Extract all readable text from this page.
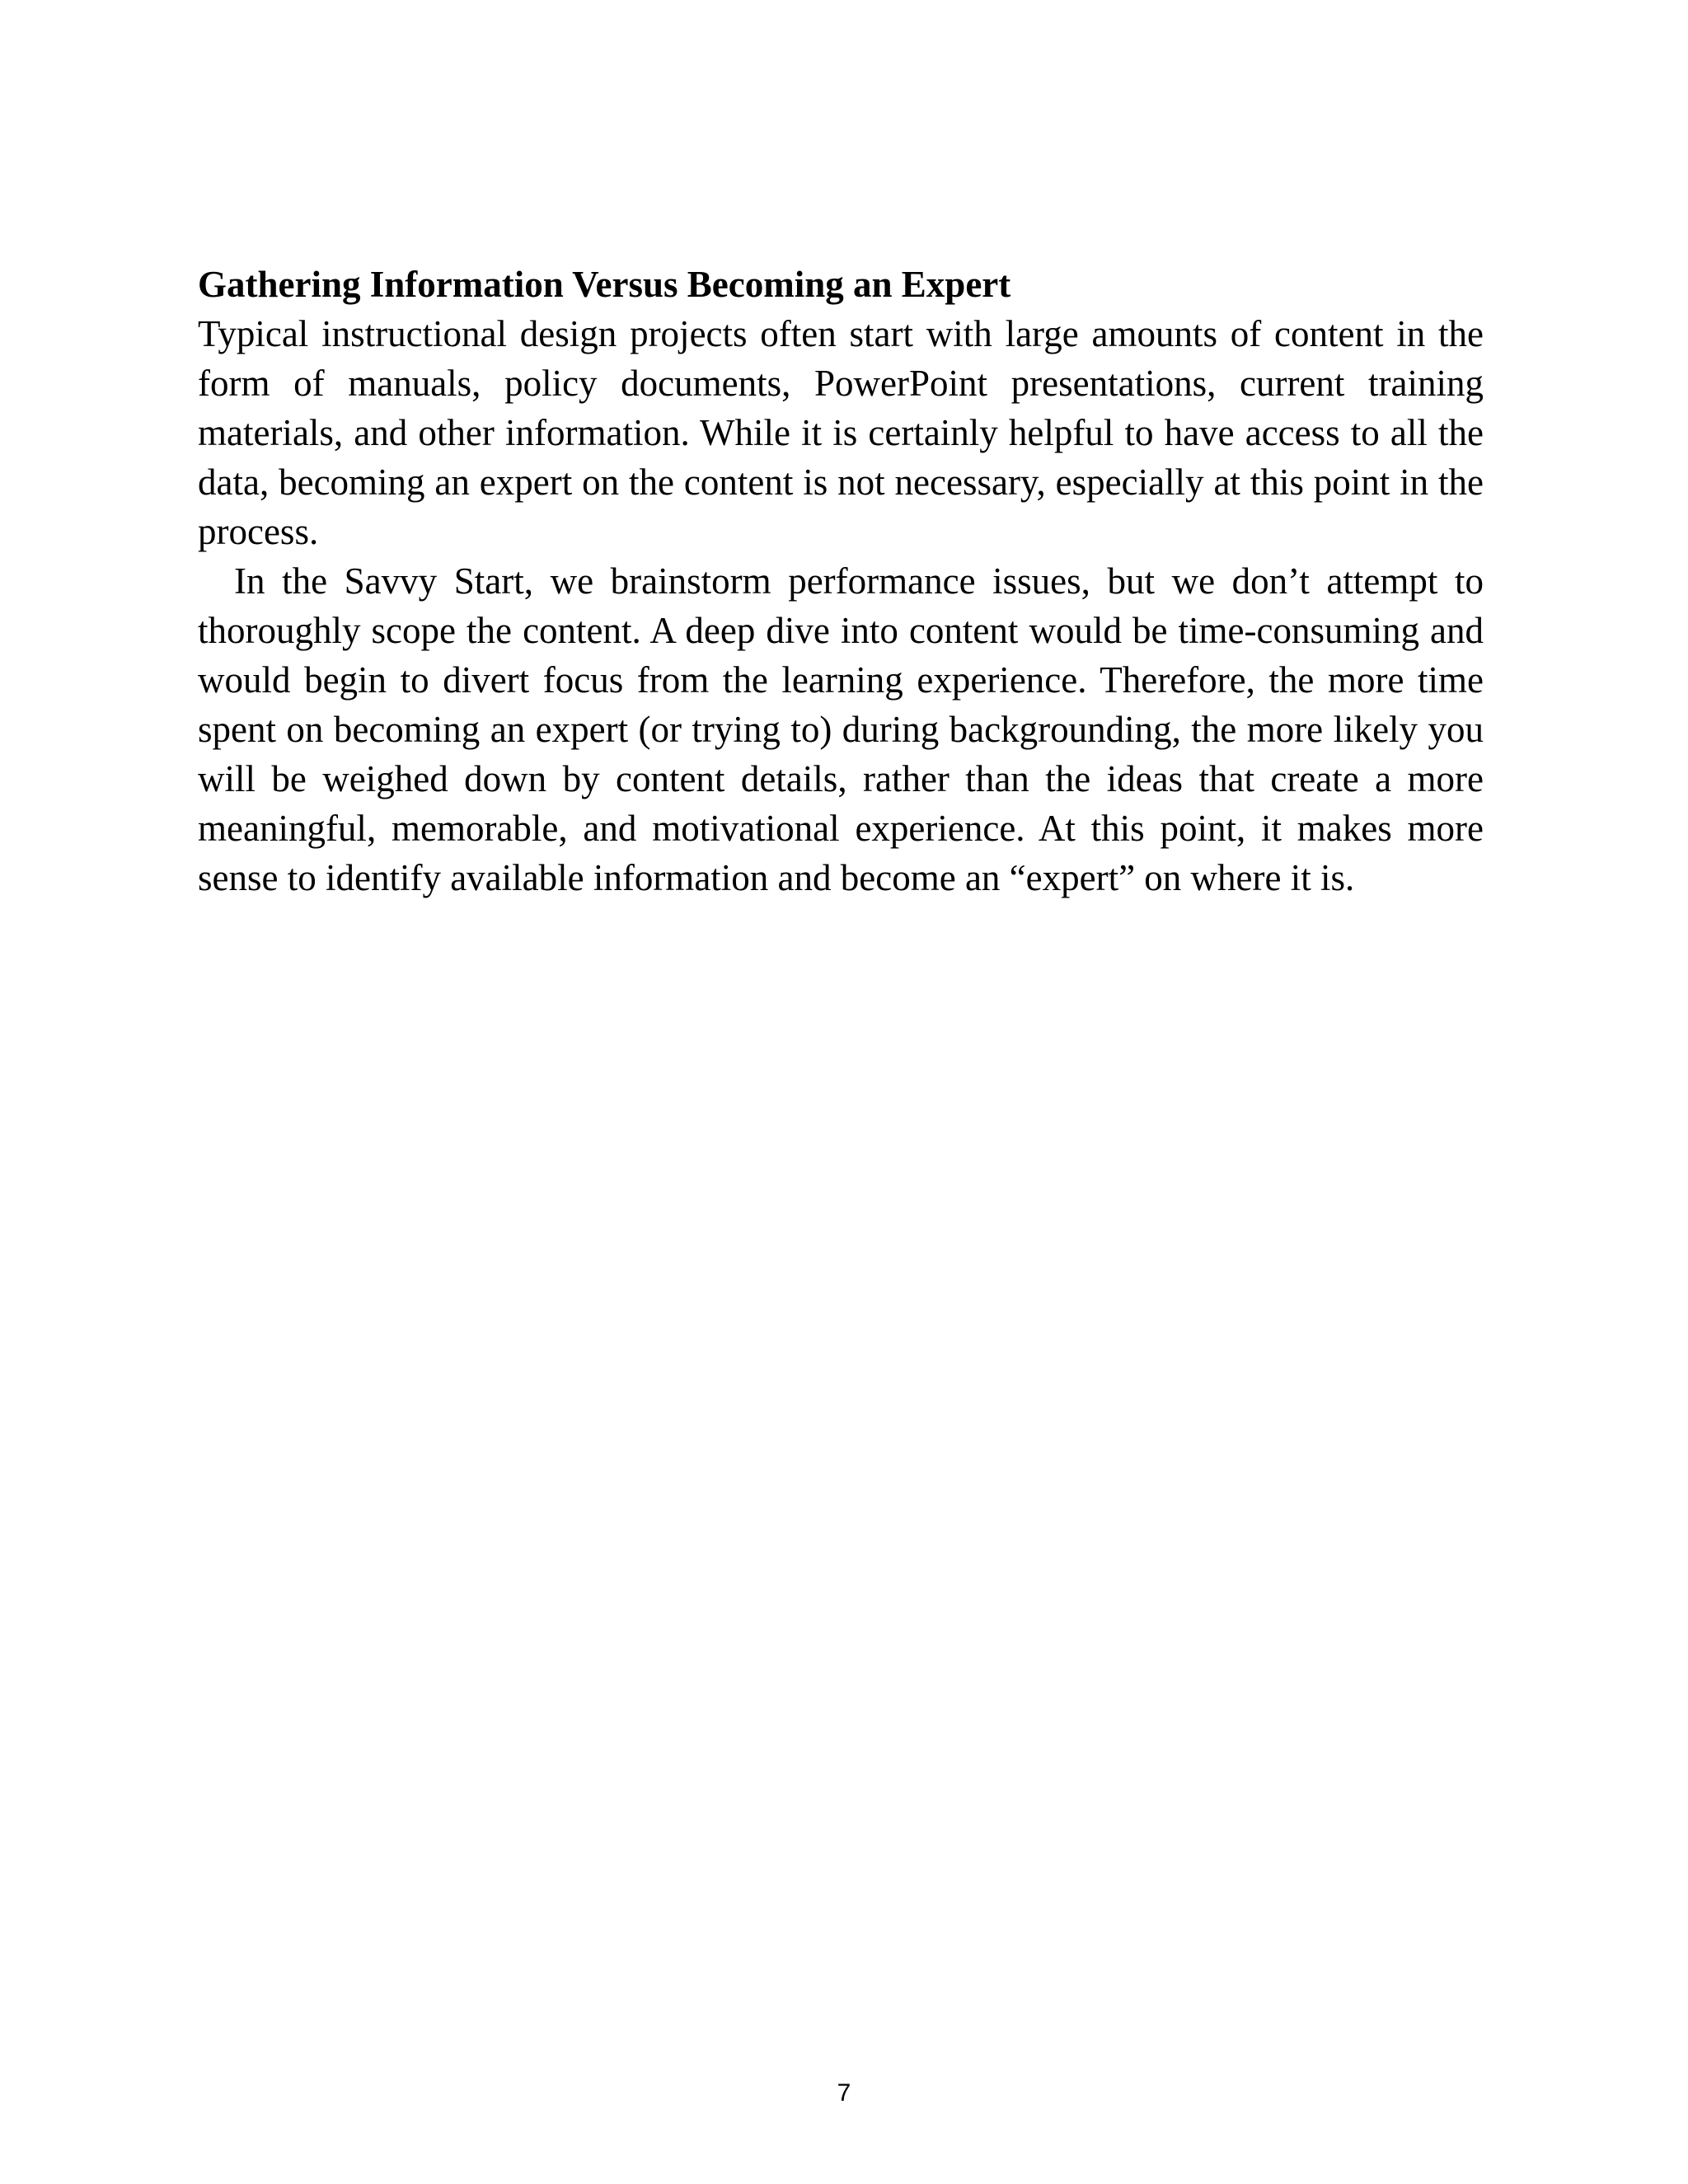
Gathering Information Versus Becoming an Expert

Typical instructional design projects often start with large amounts of content in the form of manuals, policy documents, PowerPoint presentations, current training materials, and other information. While it is certainly helpful to have access to all the data, becoming an expert on the content is not necessary, especially at this point in the process.

In the Savvy Start, we brainstorm performance issues, but we don’t attempt to thoroughly scope the content. A deep dive into content would be time-consuming and would begin to divert focus from the learning experience. Therefore, the more time spent on becoming an expert (or trying to) during backgrounding, the more likely you will be weighed down by content details, rather than the ideas that create a more meaningful, memorable, and motivational experience. At this point, it makes more sense to identify available information and become an “expert” on where it is.

7
